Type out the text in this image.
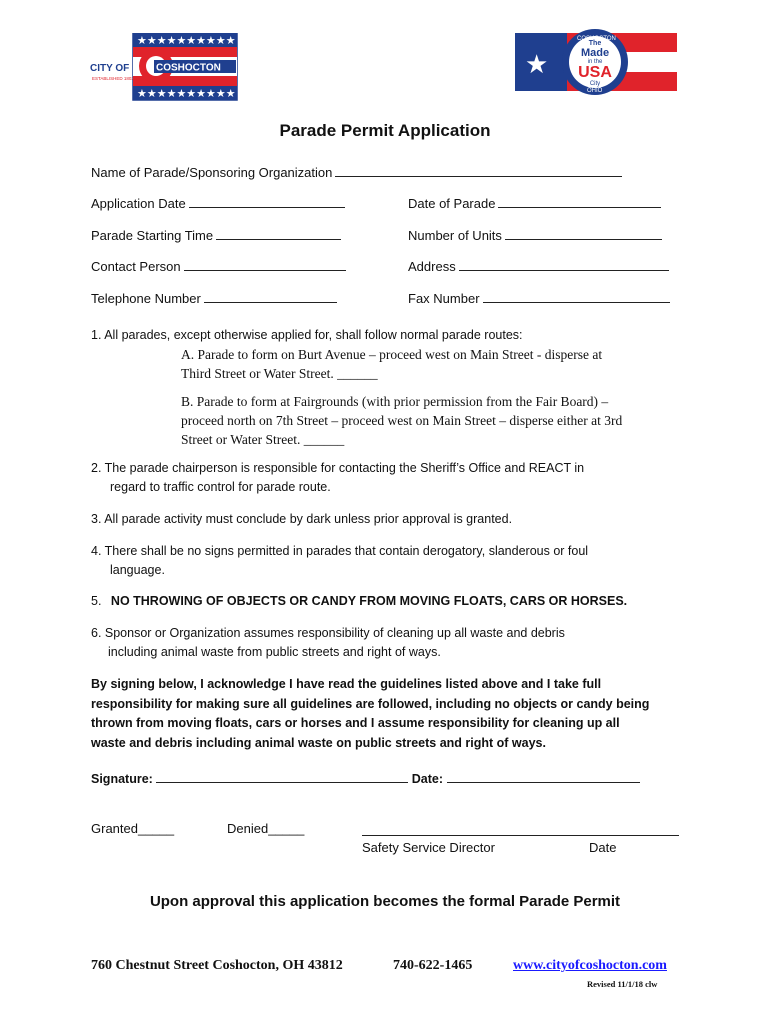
★★★★★★★★★★
★★★★★★★★★★
CITY OF	COSHOCTON
ESTABLISHED 1802	★
COSHOCTON
OHIO
The
Made
in the
USA
City
Parade Permit Application
Name of Parade/Sponsoring Organization
Application Date	Date of Parade
Parade Starting Time	Number of Units
Contact Person	Address
Telephone Number	Fax Number
1. All parades, except otherwise applied for, shall follow normal parade routes:
A. Parade to form on Burt Avenue – proceed west on Main Street - disperse at
Third Street or Water Street. ______
B. Parade to form at Fairgrounds (with prior permission from the Fair Board) –
proceed north on 7th Street – proceed west on Main Street – disperse either at 3rd
Street or Water Street. ______
2. The parade chairperson is responsible for contacting the Sheriff’s Office and REACT in
regard to traffic control for parade route.
3. All parade activity must conclude by dark unless prior approval is granted.
4. There shall be no signs permitted in parades that contain derogatory, slanderous or foul
language.
5. NO THROWING OF OBJECTS OR CANDY FROM MOVING FLOATS, CARS OR HORSES.
6. Sponsor or Organization assumes responsibility of cleaning up all waste and debris
including animal waste from public streets and right of ways.
By signing below, I acknowledge I have read the guidelines listed above and I take full
responsibility for making sure all guidelines are followed, including no objects or candy being
thrown from moving floats, cars or horses and I assume responsibility for cleaning up all
waste and debris including animal waste on public streets and right of ways.
Signature:	Date:
Granted_____	Denied_____
Safety Service Director	Date
Upon approval this application becomes the formal Parade Permit
760 Chestnut Street Coshocton, OH 43812	740-622-1465	www.cityofcoshocton.com
Revised 11/1/18 clw
